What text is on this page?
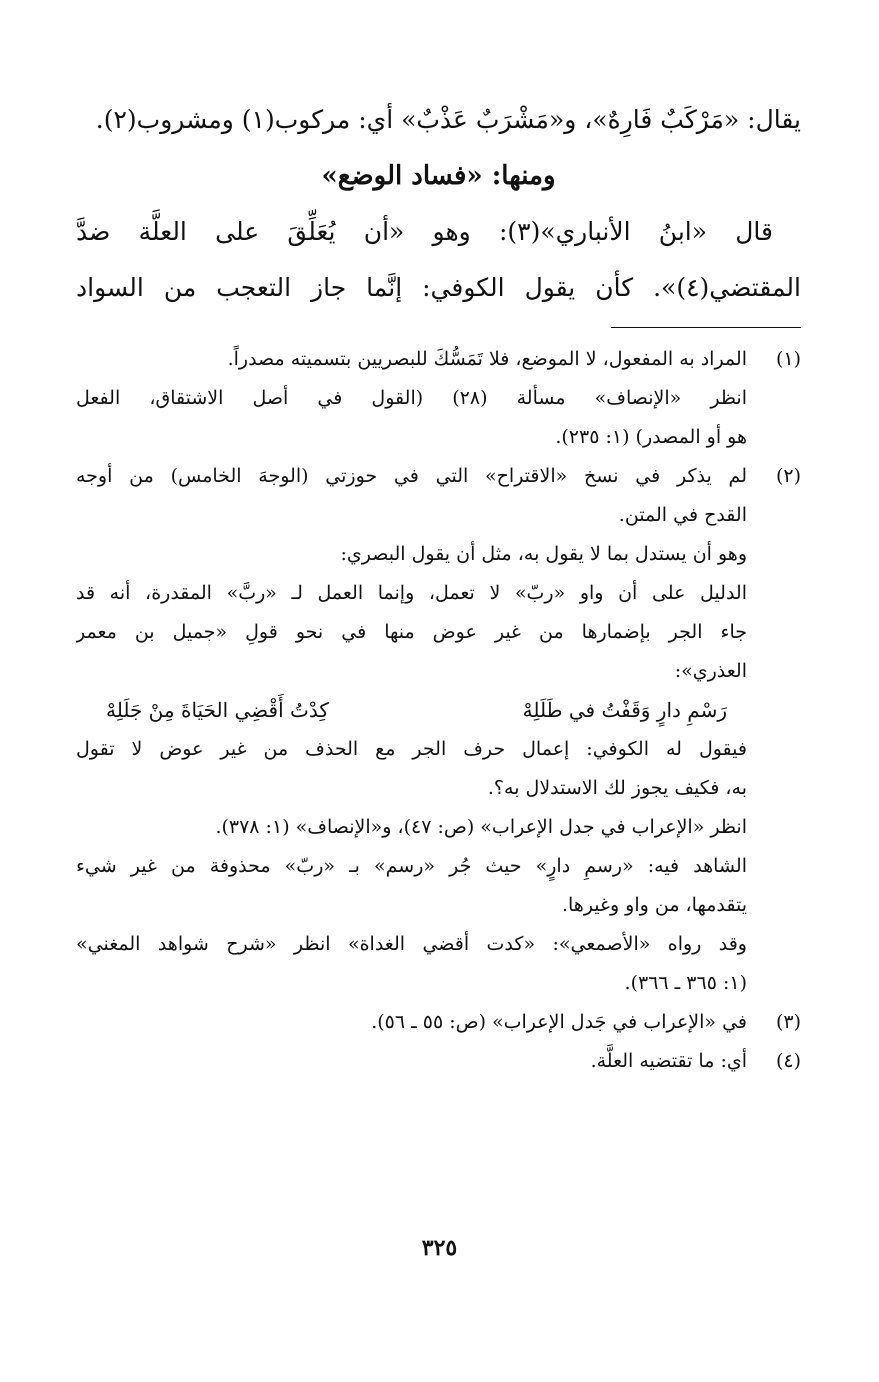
يقال: «مَرْكَبٌ فَارِهٌ»، و«مَشْرَبٌ عَذْبٌ» أي: مركوب(١) ومشروب(٢).

ومنها: «فساد الوضع»

قال «ابنُ الأنباري»(٣): وهو «أن يُعَلِّقَ على العلَّة ضدَّ

المقتضي(٤)». كأن يقول الكوفي: إنَّما جاز التعجب من السواد

(١)

المراد به المفعول، لا الموضع، فلا تَمَسُّكَ للبصريين بتسميته مصدراً.

انظر «الإنصاف» مسألة (٢٨) (القول في أصل الاشتقاق، الفعل

هو أو المصدر) (١: ٢٣٥).

(٢)

لم يذكر في نسخ «الاقتراح» التي في حوزتي (الوجهَ الخامس) من أوجه

القدح في المتن.

وهو أن يستدل بما لا يقول به، مثل أن يقول البصري:

الدليل على أن واو «ربّ» لا تعمل، وإنما العمل لـ «ربَّ» المقدرة، أنه قد

جاء الجر بإضمارها من غير عوض منها في نحو قولِ «جميل بن معمر

العذري»:

رَسْمِ دارٍ وَقَفْتُ في طَلَلِهْ
كِدْتُ أَقْضِي الحَيَاةَ مِنْ جَلَلِهْ

فيقول له الكوفي: إعمال حرف الجر مع الحذف من غير عوض لا تقول

به، فكيف يجوز لك الاستدلال به؟.

انظر «الإعراب في جدل الإعراب» (ص: ٤٧)، و«الإنصاف» (١: ٣٧٨).

الشاهد فيه: «رسمِ دارٍ» حيث جُر «رسم» بـ «ربّ» محذوفة من غير شيء

يتقدمها، من واو وغيرها.

وقد رواه «الأصمعي»: «كدت أقضي الغداة» انظر «شرح شواهد المغني»

(١: ٣٦٥ ـ ٣٦٦).

(٣)

في «الإعراب في جَدل الإعراب» (ص: ٥٥ ـ ٥٦).

(٤)

أي: ما تقتضيه العلَّة.

٣٢٥
